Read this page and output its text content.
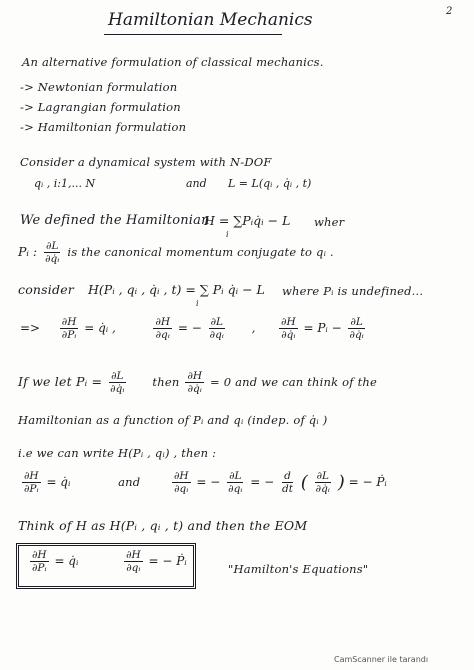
2
Hamiltonian Mechanics
An alternative formulation of classical mechanics.
-> Newtonian formulation
-> Lagrangian formulation
-> Hamiltonian formulation
Consider a dynamical system with N-DOF
qᵢ , i:1,... N	and L = L(qᵢ , q̇ᵢ , t)
We defined the Hamiltonian
H = ∑Pᵢq̇ᵢ − L
i
wher
Pᵢ : $\frac{\partial L}{\text{∂q̇ᵢ}}$ is the canonical momentum conjugate to qᵢ .
consider H(Pᵢ , qᵢ , q̇ᵢ , t) = ∑ Pᵢ q̇ᵢ − L
i
where Pᵢ is undefined...
=> $\frac{\partial H}{\text{∂Pᵢ}}$ = q̇ᵢ ,	$\frac{\partial H}{\text{∂qᵢ}}$ = − $\frac{\partial L}{\text{∂qᵢ}}$ , $\frac{\partial H}{\text{∂q̇ᵢ}}$ = Pᵢ − $\frac{\partial L}{\text{∂q̇ᵢ}}$
If we let Pᵢ = $\frac{\partial L}{\text{∂q̇ᵢ}}$ then $\frac{\partial H}{\text{∂q̇ᵢ}} = 0$ and we can think of the
Hamiltonian as a function of Pᵢ and qᵢ (indep. of q̇ᵢ )
i.e we can write H(Pᵢ , qᵢ) , then :
$\frac{\partial H}{\text{∂Pᵢ}}$ = q̇ᵢ	and	$\frac{\partial H}{\text{∂qᵢ}}$ = − $\frac{\partial L}{\text{∂qᵢ}}$ = − $\frac{d}{dt}$ ( $\frac{\partial L}{\text{∂q̇ᵢ}}$ ) = − Ṗᵢ
Think of H as H(Pᵢ , qᵢ , t) and then the EOM
$\frac{\partial H}{\text{∂Pᵢ}}$ = q̇ᵢ	$\frac{\partial H}{\text{∂qᵢ}}$ = − Ṗᵢ
"Hamilton's Equations"
CamScanner ile tarandı
